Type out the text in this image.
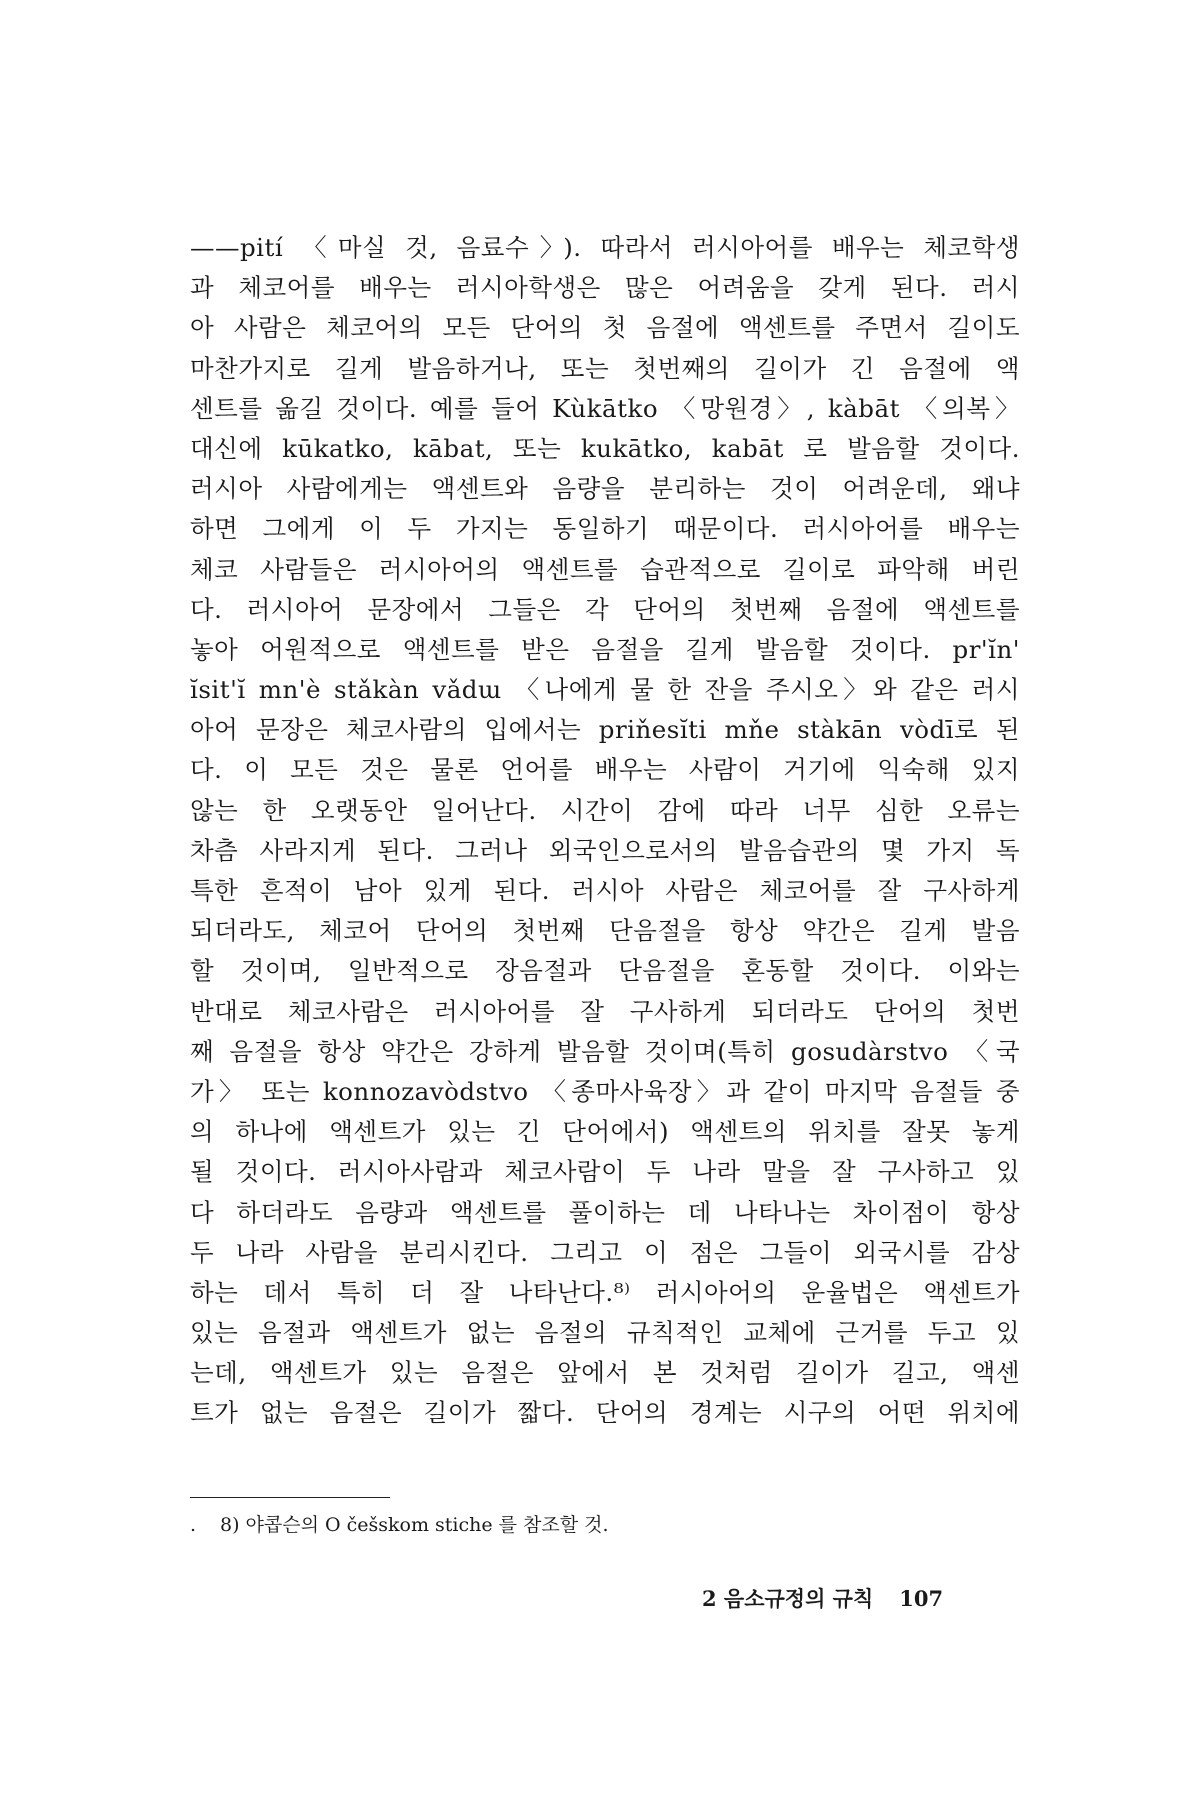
——pití 〈마실 것, 음료수〉). 따라서 러시아어를 배우는 체코학생
과 체코어를 배우는 러시아학생은 많은 어려움을 갖게 된다. 러시
아 사람은 체코어의 모든 단어의 첫 음절에 액센트를 주면서 길이도
마찬가지로 길게 발음하거나, 또는 첫번째의 길이가 긴 음절에 액
센트를 옮길 것이다. 예를 들어 Kùkātko 〈망원경〉, kàbāt 〈의복〉
대신에 kūkatko, kābat, 또는 kukātko, kabāt 로 발음할 것이다.
러시아 사람에게는 액센트와 음량을 분리하는 것이 어려운데, 왜냐
하면 그에게 이 두 가지는 동일하기 때문이다. 러시아어를 배우는
체코 사람들은 러시아어의 액센트를 습관적으로 길이로 파악해 버린
다. 러시아어 문장에서 그들은 각 단어의 첫번째 음절에 액센트를
놓아 어원적으로 액센트를 받은 음절을 길게 발음할 것이다. pr'ĭn'
ĭsit'ĭ mn'è stǎkàn vǎdɯ 〈나에게 물 한 잔을 주시오〉와 같은 러시
아어 문장은 체코사람의 입에서는 priňesĭti mňe stàkān vòdī로 된
다. 이 모든 것은 물론 언어를 배우는 사람이 거기에 익숙해 있지
않는 한 오랫동안 일어난다. 시간이 감에 따라 너무 심한 오류는
차츰 사라지게 된다. 그러나 외국인으로서의 발음습관의 몇 가지 독
특한 흔적이 남아 있게 된다. 러시아 사람은 체코어를 잘 구사하게
되더라도, 체코어 단어의 첫번째 단음절을 항상 약간은 길게 발음
할 것이며, 일반적으로 장음절과 단음절을 혼동할 것이다. 이와는
반대로 체코사람은 러시아어를 잘 구사하게 되더라도 단어의 첫번
째 음절을 항상 약간은 강하게 발음할 것이며(특히 gosudàrstvo 〈국
가〉 또는 konnozavòdstvo 〈종마사육장〉과 같이 마지막 음절들 중
의 하나에 액센트가 있는 긴 단어에서) 액센트의 위치를 잘못 놓게
될 것이다. 러시아사람과 체코사람이 두 나라 말을 잘 구사하고 있
다 하더라도 음량과 액센트를 풀이하는 데 나타나는 차이점이 항상
두 나라 사람을 분리시킨다. 그리고 이 점은 그들이 외국시를 감상
하는 데서 특히 더 잘 나타난다.⁸⁾ 러시아어의 운율법은 액센트가
있는 음절과 액센트가 없는 음절의 규칙적인 교체에 근거를 두고 있
는데, 액센트가 있는 음절은 앞에서 본 것처럼 길이가 길고, 액센
트가 없는 음절은 길이가 짧다. 단어의 경계는 시구의 어떤 위치에
. 8) 야콥슨의 O češskom stiche 를 참조할 것.
2 음소규정의 규칙 107
